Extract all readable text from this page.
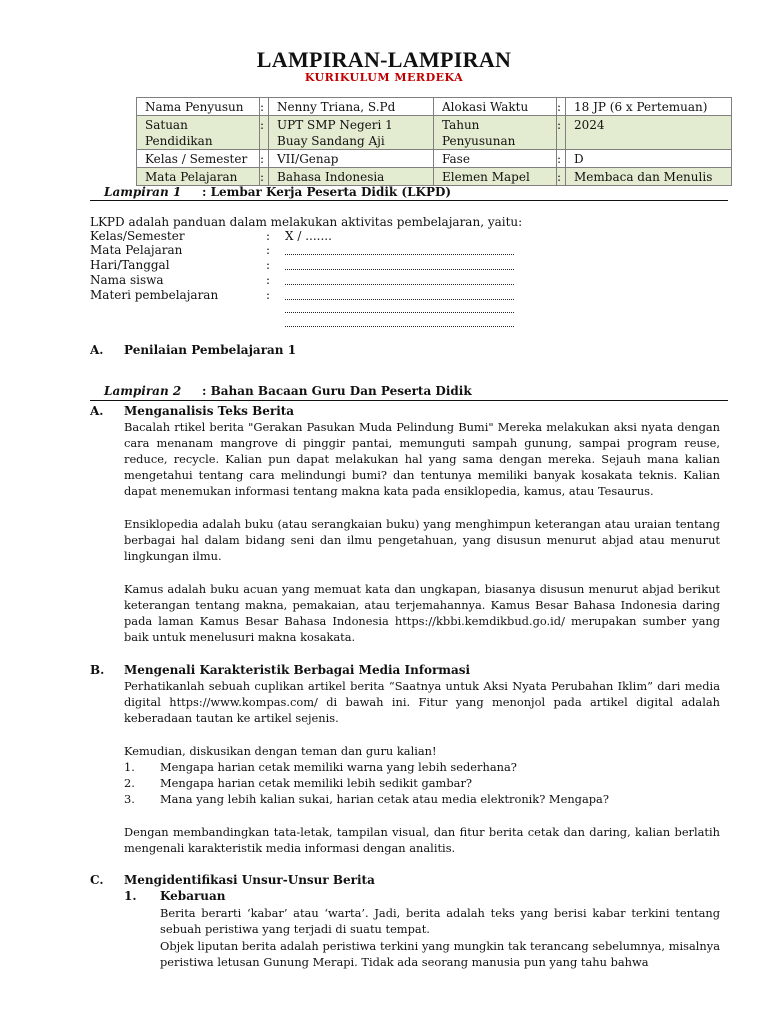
LAMPIRAN-LAMPIRAN
KURIKULUM MERDEKA
Nama Penyusun	:	Nenny Triana, S.Pd	Alokasi Waktu	:	18 JP (6 x Pertemuan)
Satuan Pendidikan	:	UPT SMP Negeri 1 Buay Sandang Aji	Tahun Penyusunan	:	2024
Kelas / Semester	:	VII/Genap	Fase	:	D
Mata Pelajaran	:	Bahasa Indonesia	Elemen Mapel	:	Membaca dan Menulis
Lampiran 1 : Lembar Kerja Peserta Didik (LKPD)
LKPD adalah panduan dalam melakukan aktivitas pembelajaran, yaitu:
Kelas/Semester	: X / .......
Mata Pelajaran	:
Hari/Tanggal	:
Nama siswa	:
Materi pembelajaran	:
A. Penilaian Pembelajaran 1
Lampiran 2 : Bahan Bacaan Guru Dan Peserta Didik
A. Menganalisis Teks Berita
Bacalah rtikel berita "Gerakan Pasukan Muda Pelindung Bumi" Mereka melakukan aksi nyata dengan cara menanam mangrove di pinggir pantai, memunguti sampah gunung, sampai program reuse, reduce, recycle. Kalian pun dapat melakukan hal yang sama dengan mereka. Sejauh mana kalian mengetahui tentang cara melindungi bumi? dan tentunya memiliki banyak kosakata teknis. Kalian dapat menemukan informasi tentang makna kata pada ensiklopedia, kamus, atau Tesaurus.
Ensiklopedia adalah buku (atau serangkaian buku) yang menghimpun keterangan atau uraian tentang berbagai hal dalam bidang seni dan ilmu pengetahuan, yang disusun menurut abjad atau menurut lingkungan ilmu.
Kamus adalah buku acuan yang memuat kata dan ungkapan, biasanya disusun menurut abjad berikut keterangan tentang makna, pemakaian, atau terjemahannya. Kamus Besar Bahasa Indonesia daring pada laman Kamus Besar Bahasa Indonesia https://kbbi.kemdikbud.go.id/ merupakan sumber yang baik untuk menelusuri makna kosakata.
B. Mengenali Karakteristik Berbagai Media Informasi
Perhatikanlah sebuah cuplikan artikel berita “Saatnya untuk Aksi Nyata Perubahan Iklim” dari media digital https://www.kompas.com/ di bawah ini. Fitur yang menonjol pada artikel digital adalah keberadaan tautan ke artikel sejenis.
Kemudian, diskusikan dengan teman dan guru kalian!
1. Mengapa harian cetak memiliki warna yang lebih sederhana?
2. Mengapa harian cetak memiliki lebih sedikit gambar?
3. Mana yang lebih kalian sukai, harian cetak atau media elektronik? Mengapa?
Dengan membandingkan tata-letak, tampilan visual, dan fitur berita cetak dan daring, kalian berlatih mengenali karakteristik media informasi dengan analitis.
C. Mengidentifikasi Unsur-Unsur Berita
1. Kebaruan
Berita berarti ‘kabar’ atau ‘warta’. Jadi, berita adalah teks yang berisi kabar terkini tentang sebuah peristiwa yang terjadi di suatu tempat.
Objek liputan berita adalah peristiwa terkini yang mungkin tak terancang sebelumnya, misalnya peristiwa letusan Gunung Merapi. Tidak ada seorang manusia pun yang tahu bahwa
